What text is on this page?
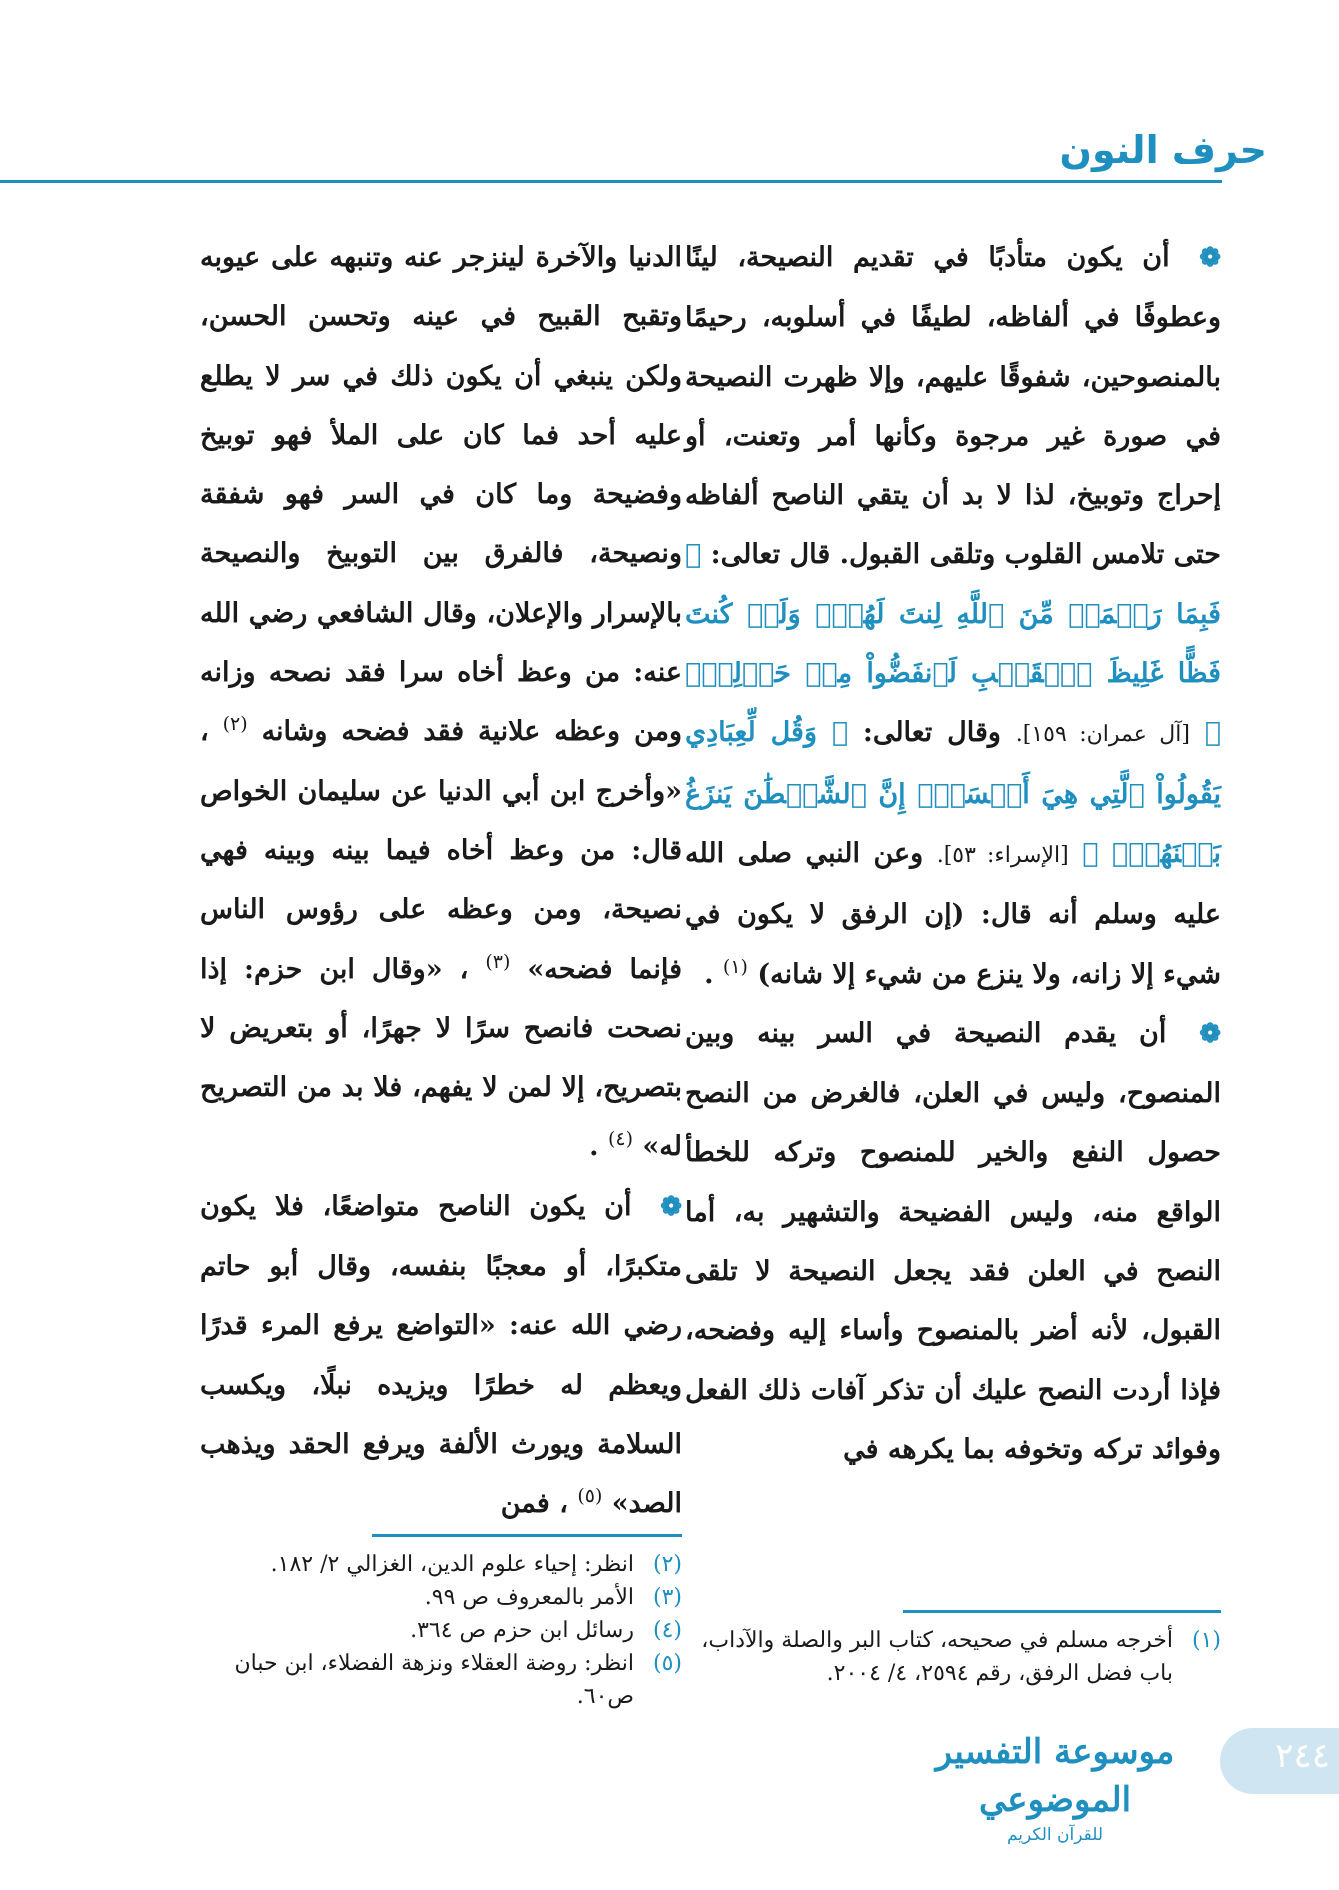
حرف النون

❁ أن يكون متأدبًا في تقديم النصيحة، لينًا وعطوفًا في ألفاظه، لطيفًا في أسلوبه، رحيمًا بالمنصوحين، شفوقًا عليهم، وإلا ظهرت النصيحة في صورة غير مرجوة وكأنها أمر وتعنت، أو إحراج وتوبيخ، لذا لا بد أن يتقي الناصح ألفاظه حتى تلامس القلوب وتلقى القبول. قال تعالى: ﴿ فَبِمَا رَحۡمَةٖ مِّنَ ٱللَّهِ لِنتَ لَهُمۡۖ وَلَوۡ كُنتَ فَظًّا غَلِيظَ ٱلۡقَلۡبِ لَٱنفَضُّواْ مِنۡ حَوۡلِكَۖ ﴾ [آل عمران: ١٥٩]. وقال تعالى: ﴿ وَقُل لِّعِبَادِي يَقُولُواْ ٱلَّتِي هِيَ أَحۡسَنُۚ إِنَّ ٱلشَّيۡطَٰنَ يَنزَغُ بَيۡنَهُمۡۚ ﴾ [الإسراء: ٥٣]. وعن النبي صلى الله عليه وسلم أنه قال: (إن الرفق لا يكون في شيء إلا زانه، ولا ينزع من شيء إلا شانه) $^{(١)}$ .

❁ أن يقدم النصيحة في السر بينه وبين المنصوح، وليس في العلن، فالغرض من النصح حصول النفع والخير للمنصوح وتركه للخطأ الواقع منه، وليس الفضيحة والتشهير به، أما النصح في العلن فقد يجعل النصيحة لا تلقى القبول، لأنه أضر بالمنصوح وأساء إليه وفضحه، فإذا أردت النصح عليك أن تذكر آفات ذلك الفعل وفوائد تركه وتخوفه بما يكرهه في

الدنيا والآخرة لينزجر عنه وتنبهه على عيوبه وتقبح القبيح في عينه وتحسن الحسن، ولكن ينبغي أن يكون ذلك في سر لا يطلع عليه أحد فما كان على الملأ فهو توبيخ وفضيحة وما كان في السر فهو شفقة ونصيحة، فالفرق بين التوبيخ والنصيحة بالإسرار والإعلان، وقال الشافعي رضي الله عنه: من وعظ أخاه سرا فقد نصحه وزانه ومن وعظه علانية فقد فضحه وشانه $^{(٢)}$ ، «وأخرج ابن أبي الدنيا عن سليمان الخواص قال: من وعظ أخاه فيما بينه وبينه فهي نصيحة، ومن وعظه على رؤوس الناس فإنما فضحه» $^{(٣)}$ ، «وقال ابن حزم: إذا نصحت فانصح سرًا لا جهرًا، أو بتعريض لا بتصريح، إلا لمن لا يفهم، فلا بد من التصريح له» $^{(٤)}$ .

❁ أن يكون الناصح متواضعًا، فلا يكون متكبرًا، أو معجبًا بنفسه، وقال أبو حاتم رضي الله عنه: «التواضع يرفع المرء قدرًا ويعظم له خطرًا ويزيده نبلًا، ويكسب السلامة ويورث الألفة ويرفع الحقد ويذهب الصد» $^{(٥)}$ ، فمن

(١)
أخرجه مسلم في صحيحه، كتاب البر والصلة والآداب، باب فضل الرفق، رقم ٢٥٩٤، ٤/ ٢٠٠٤.
(٢)
انظر: إحياء علوم الدين، الغزالي ٢/ ١٨٢.
(٣)
الأمر بالمعروف ص ٩٩.
(٤)
رسائل ابن حزم ص ٣٦٤.
(٥)
انظر: روضة العقلاء ونزهة الفضلاء، ابن حبان ص٦٠.
موسوعة التفسير الموضوعي
للقرآن الكريم
٢٤٤
